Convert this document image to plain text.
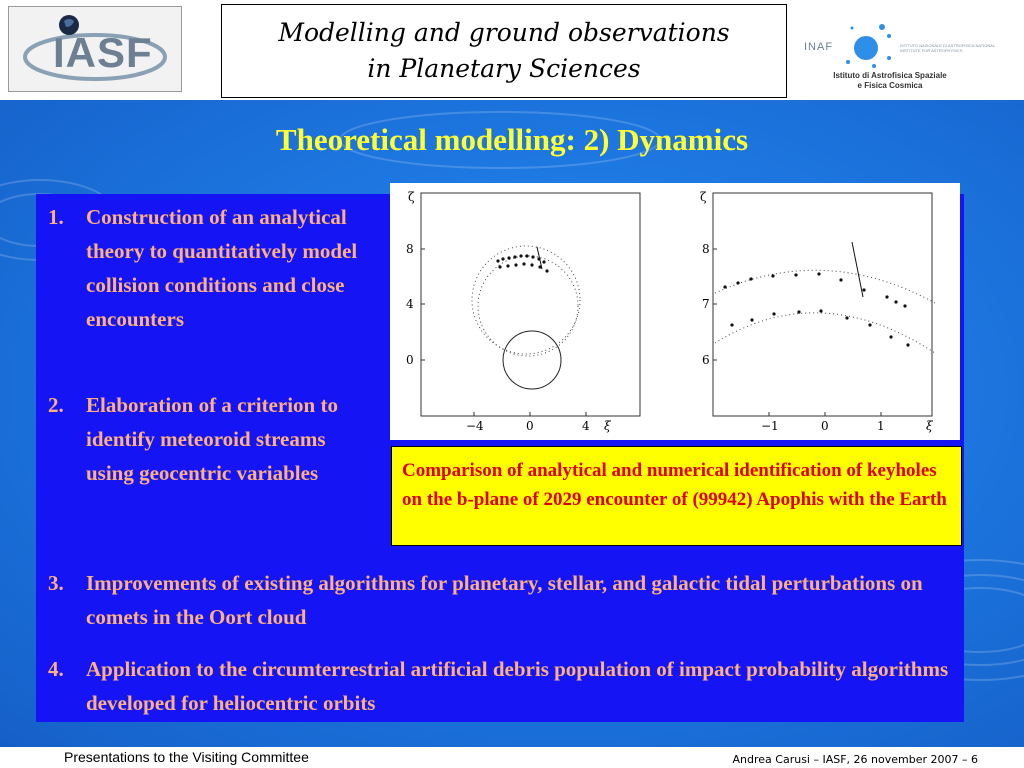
IASF	Modelling and ground observations in Planetary Sciences
INAF	ISTITUTO NAZIONALE DI ASTROFISICA NATIONAL INSTITUTE FOR ASTROPHYSICS
Istituto di Astrofisica Spaziale
e Fisica Cosmica
Theoretical modelling: 2) Dynamics
1.	Construction of an analytical theory to quantitatively model collision conditions and close encounters
2.	Elaboration of a criterion to identify meteoroid streams using geocentric variables
3.	Improvements of existing algorithms for planetary, stellar, and galactic tidal perturbations on comets in the Oort cloud
4.	Application to the circumterrestrial artificial debris population of impact probability algorithms developed for heliocentric orbits
ζ
8
4
0
−4	0	4 ξ
ζ
8
7
6
−1	0	1	ξ
Comparison of analytical and numerical identification of keyholes on the b-plane of 2029 encounter of (99942) Apophis with the Earth
Presentations to the Visiting Committee	Andrea Carusi – IASF, 26 november 2007 – 6
